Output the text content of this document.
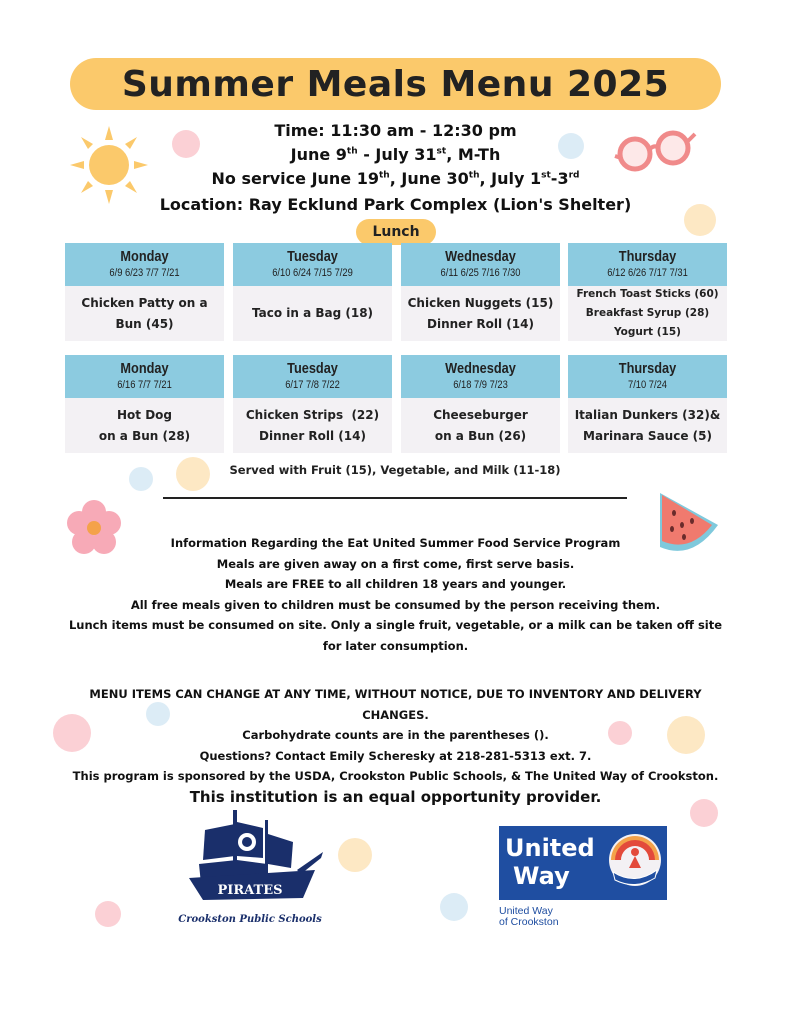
Summer Meals Menu 2025
Time: 11:30 am - 12:30 pm
June 9th - July 31st, M-Th
No service June 19th, June 30th, July 1st-3rd
Location: Ray Ecklund Park Complex (Lion's Shelter)
Lunch
Monday
6/9 6/23 7/7 7/21
Chicken Patty on a
Bun (45)
Tuesday
6/10 6/24 7/15 7/29
Taco in a Bag (18)
Wednesday
6/11 6/25 7/16 7/30
Chicken Nuggets (15)
Dinner Roll (14)
Thursday
6/12 6/26 7/17 7/31
French Toast Sticks (60)
Breakfast Syrup (28)
Yogurt (15)
Monday
6/16 7/7 7/21
Hot Dog
on a Bun (28)
Tuesday
6/17 7/8 7/22
Chicken Strips  (22)
Dinner Roll (14)
Wednesday
6/18 7/9 7/23
Cheeseburger
on a Bun (26)
Thursday
7/10 7/24
Italian Dunkers (32)&
Marinara Sauce (5)
Served with Fruit (15), Vegetable, and Milk (11-18)
Information Regarding the Eat United Summer Food Service Program
Meals are given away on a first come, first serve basis.
Meals are FREE to all children 18 years and younger.
All free meals given to children must be consumed by the person receiving them.
Lunch items must be consumed on site. Only a single fruit, vegetable, or a milk can be taken off site
for later consumption.
MENU ITEMS CAN CHANGE AT ANY TIME, WITHOUT NOTICE, DUE TO INVENTORY AND DELIVERY
CHANGES.
Carbohydrate counts are in the parentheses ().
Questions? Contact Emily Scheresky at 218-281-5313 ext. 7.
This program is sponsored by the USDA, Crookston Public Schools, & The United Way of Crookston.
This institution is an equal opportunity provider.
PIRATES
Crookston Public Schools
United
Way
United Way
of Crookston
